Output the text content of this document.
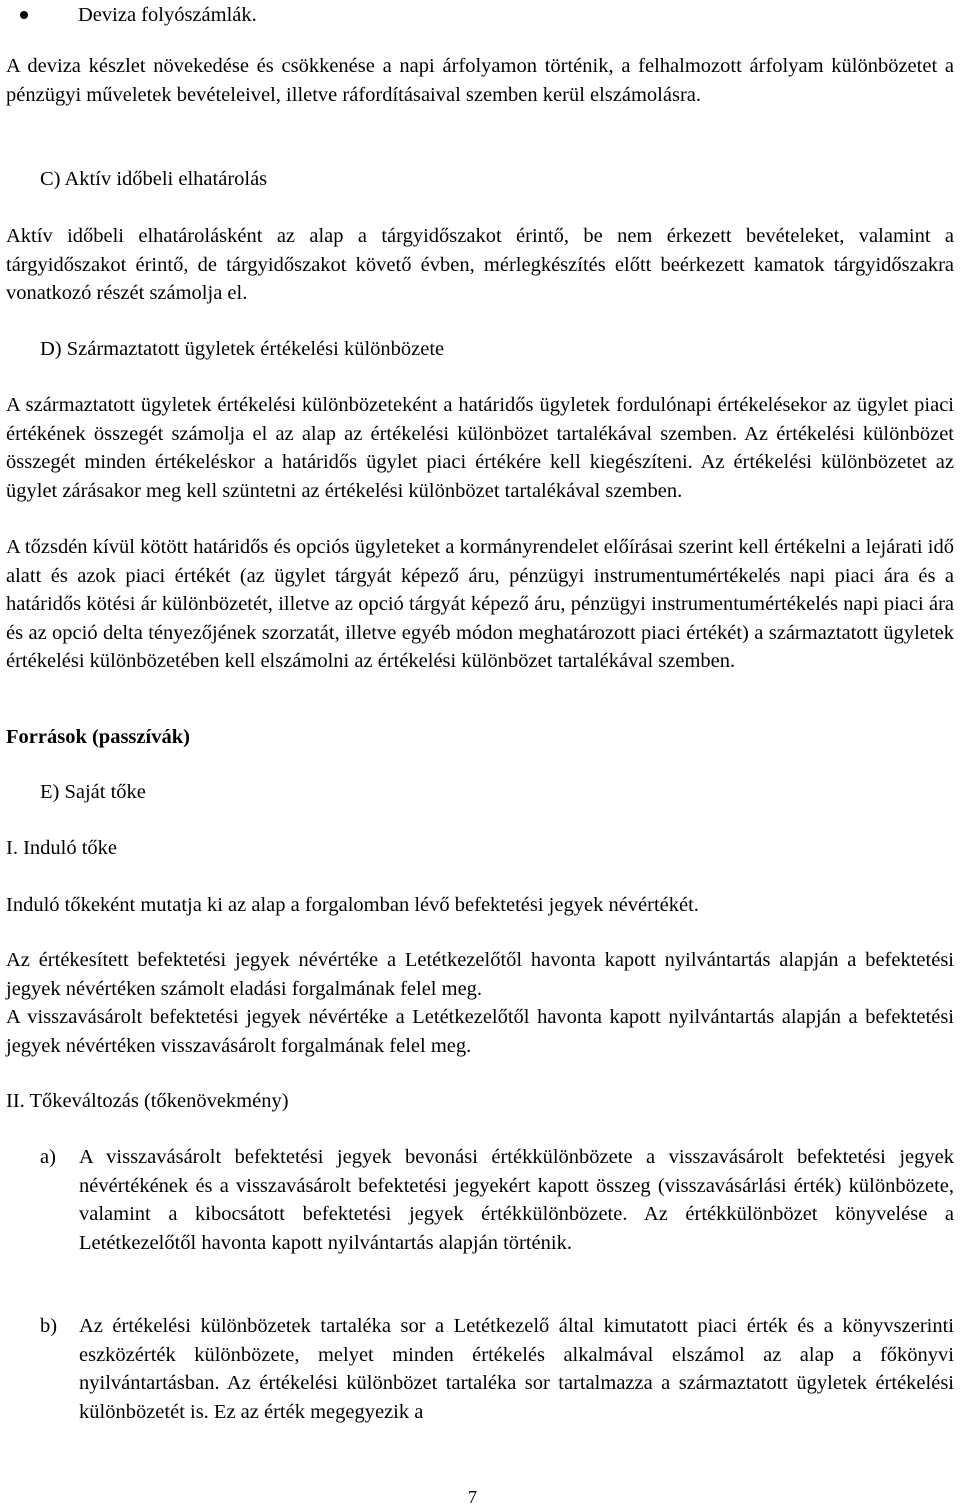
Deviza folyószámlák.

A deviza készlet növekedése és csökkenése a napi árfolyamon történik, a felhalmozott árfolyam különbözetet a pénzügyi műveletek bevételeivel, illetve ráfordításaival szemben kerül elszámolásra.

C) Aktív időbeli elhatárolás

Aktív időbeli elhatárolásként az alap a tárgyidőszakot érintő, be nem érkezett bevételeket, valamint a tárgyidőszakot érintő, de tárgyidőszakot követő évben, mérlegkészítés előtt beérkezett kamatok tárgyidőszakra vonatkozó részét számolja el.

D) Származtatott ügyletek értékelési különbözete

A származtatott ügyletek értékelési különbözeteként a határidős ügyletek fordulónapi értékelésekor az ügylet piaci értékének összegét számolja el az alap az értékelési különbözet tartalékával szemben. Az értékelési különbözet összegét minden értékeléskor a határidős ügylet piaci értékére kell kiegészíteni. Az értékelési különbözetet az ügylet zárásakor meg kell szüntetni az értékelési különbözet tartalékával szemben.

A tőzsdén kívül kötött határidős és opciós ügyleteket a kormányrendelet előírásai szerint kell értékelni a lejárati idő alatt és azok piaci értékét (az ügylet tárgyát képező áru, pénzügyi instrumentumértékelés napi piaci ára és a határidős kötési ár különbözetét, illetve az opció tárgyát képező áru, pénzügyi instrumentumértékelés napi piaci ára és az opció delta tényezőjének szorzatát, illetve egyéb módon meghatározott piaci értékét) a származtatott ügyletek értékelési különbözetében kell elszámolni az értékelési különbözet tartalékával szemben.

Források (passzívák)

E) Saját tőke

I. Induló tőke

Induló tőkeként mutatja ki az alap a forgalomban lévő befektetési jegyek névértékét.

Az értékesített befektetési jegyek névértéke a Letétkezelőtől havonta kapott nyilvántartás alapján a befektetési jegyek névértéken számolt eladási forgalmának felel meg.

A visszavásárolt befektetési jegyek névértéke a Letétkezelőtől havonta kapott nyilvántartás alapján a befektetési jegyek névértéken visszavásárolt forgalmának felel meg.

II. Tőkeváltozás (tőkenövekmény)

a) A visszavásárolt befektetési jegyek bevonási értékkülönbözete a visszavásárolt befektetési jegyek névértékének és a visszavásárolt befektetési jegyekért kapott összeg (visszavásárlási érték) különbözete, valamint a kibocsátott befektetési jegyek értékkülönbözete. Az értékkülönbözet könyvelése a Letétkezelőtől havonta kapott nyilvántartás alapján történik.

b) Az értékelési különbözetek tartaléka sor a Letétkezelő által kimutatott piaci érték és a könyvszerinti eszközérték különbözete, melyet minden értékelés alkalmával elszámol az alap a főkönyvi nyilvántartásban. Az értékelési különbözet tartaléka sor tartalmazza a származtatott ügyletek értékelési különbözetét is. Ez az érték megegyezik a

7
